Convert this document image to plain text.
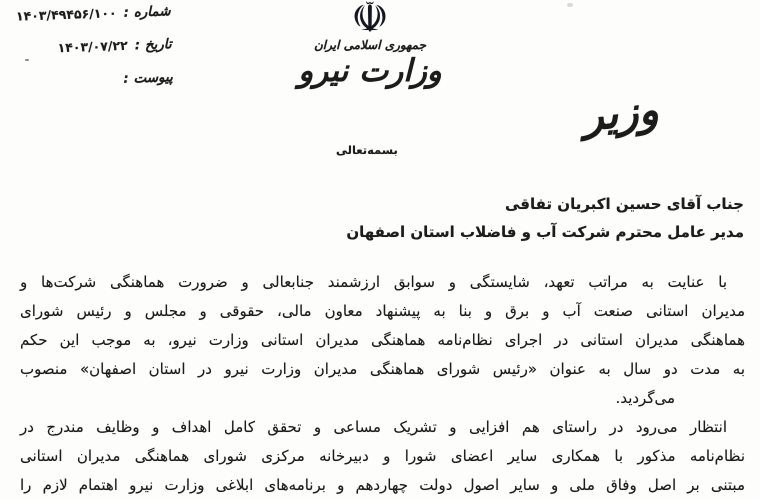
شماره :
۱۴۰۳/۴۹۴۵۶/۱۰۰
تاریخ :
۱۴۰۳/۰۷/۲۲
پیوست :
☫
جمهوری اسلامی ایران
وزارت نیرو
وزیر
بسمه‌تعالی
جناب آقای حسین اکبریان تفاقی
مدیر عامل محترم شرکت آب و فاضلاب استان اصفهان
با عنایت به مراتب تعهد، شایستگی و سوابق ارزشمند جنابعالی و ضرورت هماهنگی شرکت‌ها و
مدیران استانی صنعت آب و برق و بنا به پیشنهاد معاون مالی، حقوقی و مجلس و رئیس شورای
هماهنگی مدیران استانی در اجرای نظام‌نامه هماهنگی مدیران استانی وزارت نیرو، به موجب این حکم
به مدت دو سال به عنوان «رئیس شورای هماهنگی مدیران وزارت نیرو در استان اصفهان» منصوب
می‌گردید.
انتظار می‌رود در راستای هم افزایی و تشریک مساعی و تحقق کامل اهداف و وظایف مندرج در
نظام‌نامه مذکور با همکاری سایر اعضای شورا و دبیرخانه مرکزی شورای هماهنگی مدیران استانی
مبتنی بر اصل وفاق ملی و سایر اصول دولت چهاردهم و برنامه‌های ابلاغی وزارت نیرو اهتمام لازم را
